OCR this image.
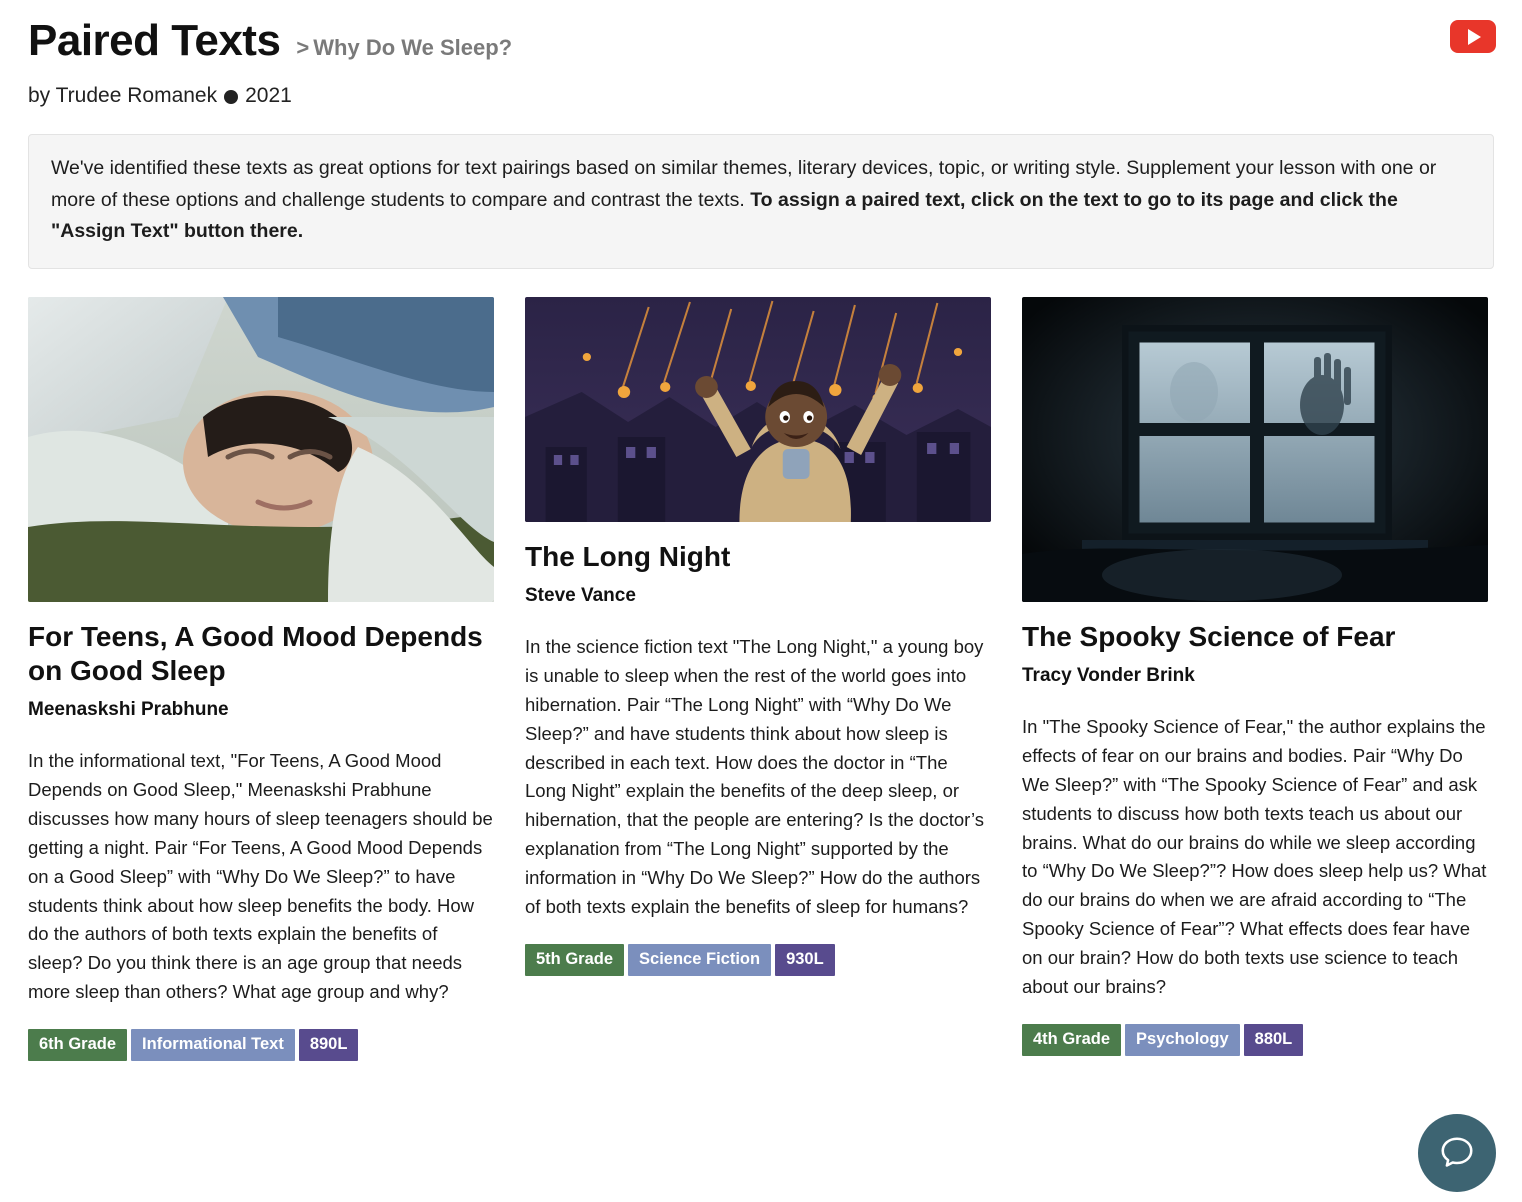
Paired Texts > Why Do We Sleep?
by Trudee Romanek 2021
We've identified these texts as great options for text pairings based on similar themes, literary devices, topic, or writing style. Supplement your lesson with one or more of these options and challenge students to compare and contrast the texts. To assign a paired text, click on the text to go to its page and click the "Assign Text" button there.
For Teens, A Good Mood Depends on Good Sleep
Meenaskshi Prabhune

In the informational text, "For Teens, A Good Mood Depends on Good Sleep," Meenaskshi Prabhune discusses how many hours of sleep teenagers should be getting a night. Pair “For Teens, A Good Mood Depends on a Good Sleep” with “Why Do We Sleep?” to have students think about how sleep benefits the body. How do the authors of both texts explain the benefits of sleep? Do you think there is an age group that needs more sleep than others? What age group and why?

6th Grade	Informational Text	890L
The Long Night
Steve Vance

In the science fiction text "The Long Night," a young boy is unable to sleep when the rest of the world goes into hibernation. Pair “The Long Night” with “Why Do We Sleep?” and have students think about how sleep is described in each text. How does the doctor in “The Long Night” explain the benefits of the deep sleep, or hibernation, that the people are entering? Is the doctor’s explanation from “The Long Night” supported by the information in “Why Do We Sleep?” How do the authors of both texts explain the benefits of sleep for humans?

5th Grade	Science Fiction	930L
The Spooky Science of Fear
Tracy Vonder Brink

In "The Spooky Science of Fear," the author explains the effects of fear on our brains and bodies. Pair “Why Do We Sleep?” with “The Spooky Science of Fear” and ask students to discuss how both texts teach us about our brains. What do our brains do while we sleep according to “Why Do We Sleep?”? How does sleep help us? What do our brains do when we are afraid according to “The Spooky Science of Fear”? What effects does fear have on our brain? How do both texts use science to teach about our brains?

4th Grade	Psychology	880L
